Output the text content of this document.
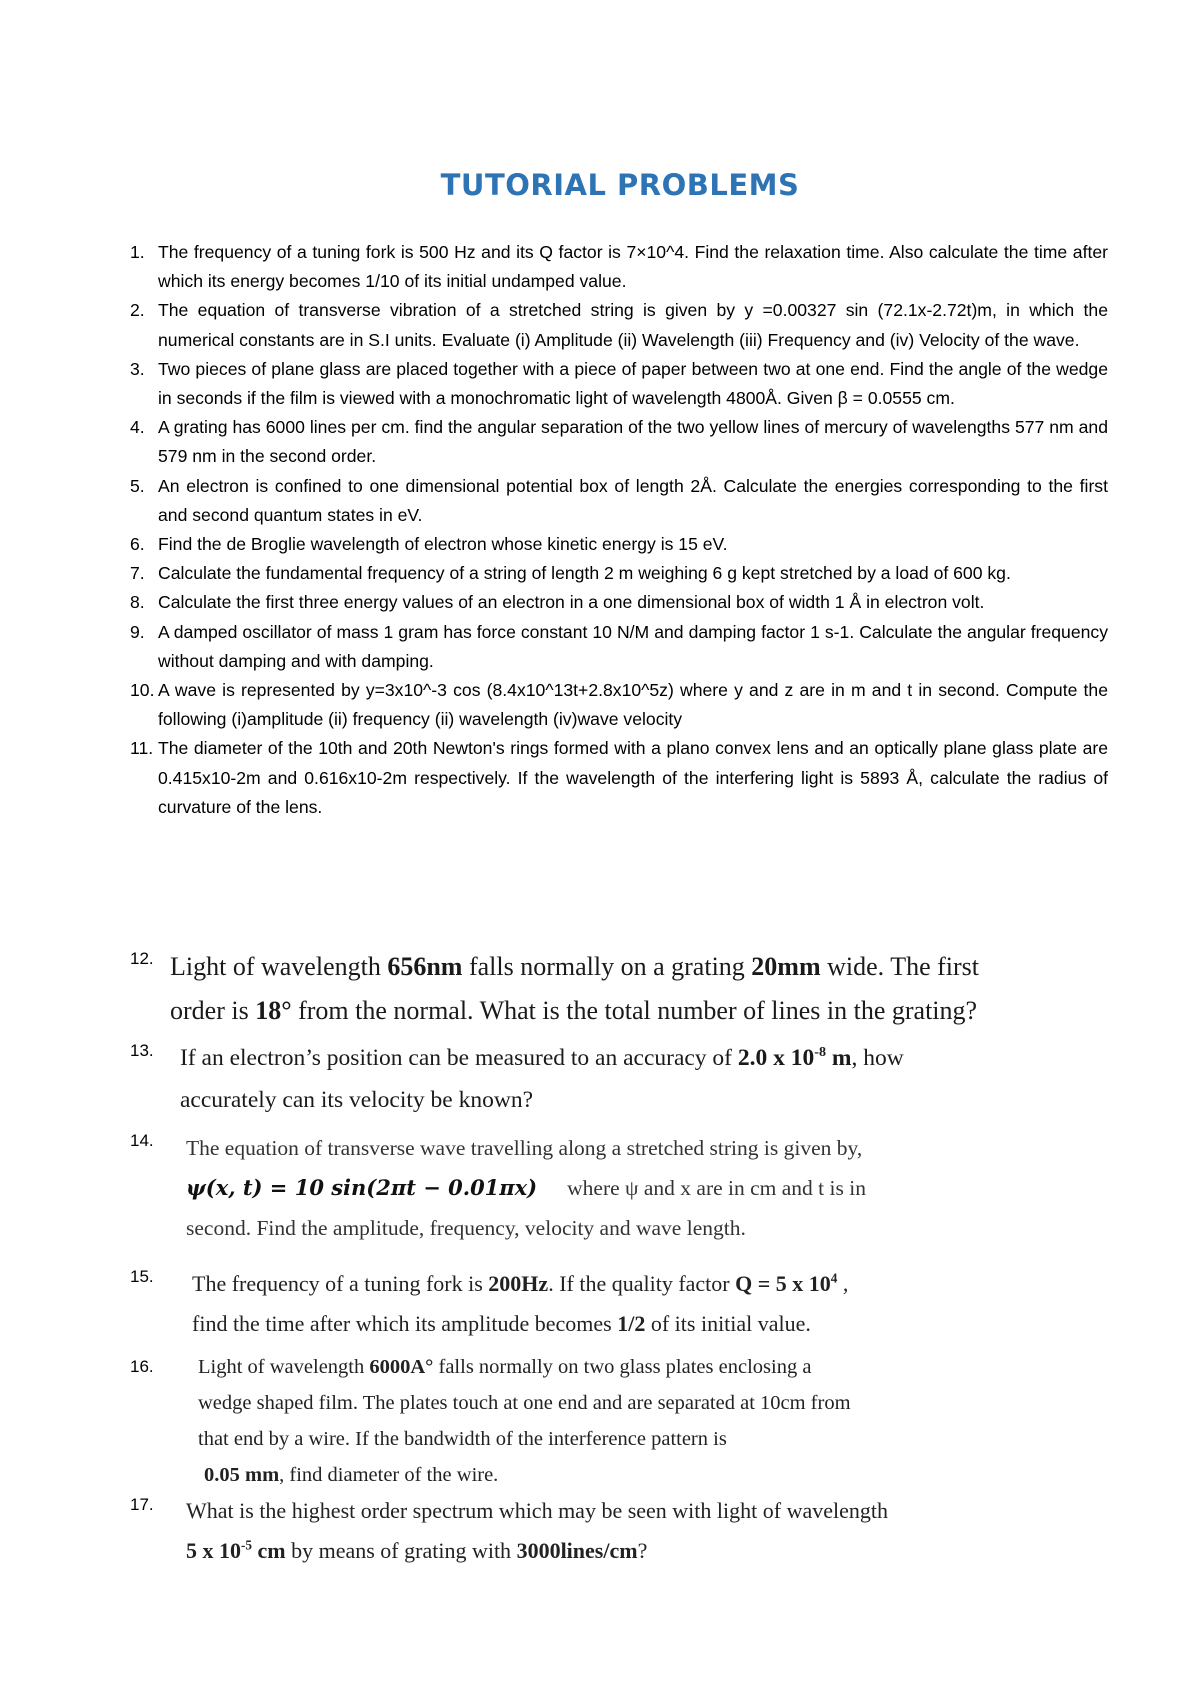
TUTORIAL PROBLEMS
1. The frequency of a tuning fork is 500 Hz and its Q factor is 7×10^4. Find the relaxation time. Also calculate the time after which its energy becomes 1/10 of its initial undamped value.
2. The equation of transverse vibration of a stretched string is given by y =0.00327 sin (72.1x-2.72t)m, in which the numerical constants are in S.I units. Evaluate (i) Amplitude (ii) Wavelength (iii) Frequency and (iv) Velocity of the wave.
3. Two pieces of plane glass are placed together with a piece of paper between two at one end. Find the angle of the wedge in seconds if the film is viewed with a monochromatic light of wavelength 4800Å. Given β = 0.0555 cm.
4. A grating has 6000 lines per cm. find the angular separation of the two yellow lines of mercury of wavelengths 577 nm and 579 nm in the second order.
5. An electron is confined to one dimensional potential box of length 2Å. Calculate the energies corresponding to the first and second quantum states in eV.
6. Find the de Broglie wavelength of electron whose kinetic energy is 15 eV.
7. Calculate the fundamental frequency of a string of length 2 m weighing 6 g kept stretched by a load of 600 kg.
8. Calculate the first three energy values of an electron in a one dimensional box of width 1 Å in electron volt.
9. A damped oscillator of mass 1 gram has force constant 10 N/M and damping factor 1 s-1. Calculate the angular frequency without damping and with damping.
10. A wave is represented by y=3x10^-3 cos (8.4x10^13t+2.8x10^5z) where y and z are in m and t in second. Compute the following (i)amplitude (ii) frequency (ii) wavelength (iv)wave velocity
11. The diameter of the 10th and 20th Newton's rings formed with a plano convex lens and an optically plane glass plate are 0.415x10-2m and 0.616x10-2m respectively. If the wavelength of the interfering light is 5893 Å, calculate the radius of curvature of the lens.
12. Light of wavelength 656nm falls normally on a grating 20mm wide. The first
order is 18° from the normal. What is the total number of lines in the grating?
13. If an electron’s position can be measured to an accuracy of 2.0 x $10^{-8}$ m, how
accurately can its velocity be known?
14. The equation of transverse wave travelling along a stretched string is given by,
ψ(x, t) = 10 sin(2πt − 0.01πx) where ψ and x are in cm and t is in
second. Find the amplitude, frequency, velocity and wave length.
15. The frequency of a tuning fork is 200Hz. If the quality factor Q = 5 x $10^4$ ,
find the time after which its amplitude becomes 1/2 of its initial value.
16. Light of wavelength 6000A° falls normally on two glass plates enclosing a
wedge shaped film. The plates touch at one end and are separated at 10cm from
that end by a wire. If the bandwidth of the interference pattern is
0.05 mm, find diameter of the wire.
17. What is the highest order spectrum which may be seen with light of wavelength
5 x $10^{-5}$ cm by means of grating with 3000lines/cm?
